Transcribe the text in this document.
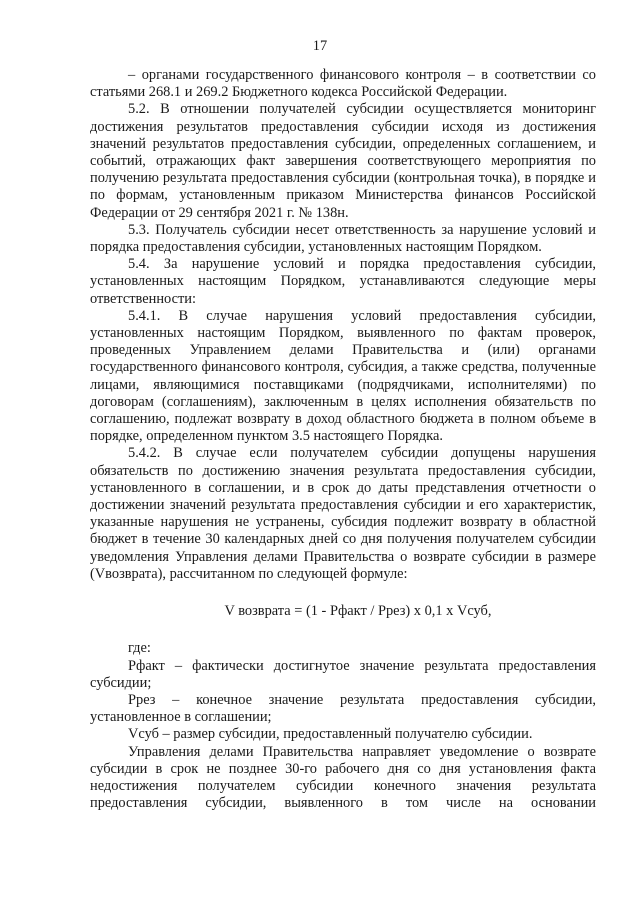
17

– органами государственного финансового контроля – в соответствии со статьями 268.1 и 269.2 Бюджетного кодекса Российской Федерации.

5.2. В отношении получателей субсидии осуществляется мониторинг достижения результатов предоставления субсидии исходя из достижения значений результатов предоставления субсидии, определенных соглашением, и событий, отражающих факт завершения соответствующего мероприятия по получению результата предоставления субсидии (контрольная точка), в порядке и по формам, установленным приказом Министерства финансов Российской Федерации от 29 сентября 2021 г. № 138н.

5.3. Получатель субсидии несет ответственность за нарушение условий и порядка предоставления субсидии, установленных настоящим Порядком.

5.4. За нарушение условий и порядка предоставления субсидии, установленных настоящим Порядком, устанавливаются следующие меры ответственности:

5.4.1. В случае нарушения условий предоставления субсидии, установленных настоящим Порядком, выявленного по фактам проверок, проведенных Управлением делами Правительства и (или) органами государственного финансового контроля, субсидия, а также средства, полученные лицами, являющимися поставщиками (подрядчиками, исполнителями) по договорам (соглашениям), заключенным в целях исполнения обязательств по соглашению, подлежат возврату в доход областного бюджета в полном объеме в порядке, определенном пунктом 3.5 настоящего Порядка.

5.4.2. В случае если получателем субсидии допущены нарушения обязательств по достижению значения результата предоставления субсидии, установленного в соглашении, и в срок до даты представления отчетности о достижении значений результата предоставления субсидии и его характеристик, указанные нарушения не устранены, субсидия подлежит возврату в областной бюджет в течение 30 календарных дней со дня получения получателем субсидии уведомления Управления делами Правительства о возврате субсидии в размере (Vвозврата), рассчитанном по следующей формуле:

V возврата = (1 - Pфакт / Pрез) х 0,1 х Vсуб,

где:

Pфакт – фактически достигнутое значение результата предоставления субсидии;

Pрез – конечное значение результата предоставления субсидии, установленное в соглашении;

Vсуб – размер субсидии, предоставленный получателю субсидии.

Управления делами Правительства направляет уведомление о возврате субсидии в срок не позднее 30-го рабочего дня со дня установления факта недостижения получателем субсидии конечного значения результата предоставления субсидии, выявленного в том числе на основании
